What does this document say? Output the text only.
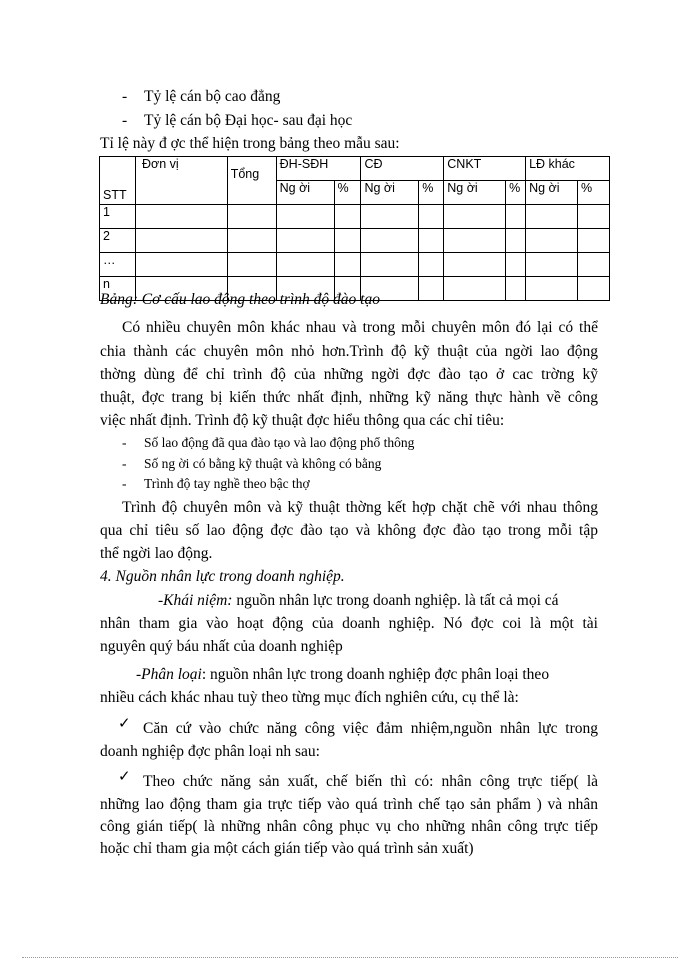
- Tỷ lệ cán bộ cao đẳng
- Tỷ lệ cán bộ Đại học- sau đại học
Tỉ lệ này đ ợc thể hiện trong bảng theo mẫu sau:
STT	Đơn vị	Tổng	ĐH-SĐH		CĐ		CNKT		LĐ khác	
			Ng ời	%	Ng ời	%	Ng ời	%	Ng ời	%
1										
2										
…										
n										
Bảng: Cơ cấu lao động theo trình độ đào tạo
Có nhiều chuyên môn khác nhau và trong mỗi chuyên môn đó lại có thể
chia thành các chuyên môn nhỏ hơn.Trình độ kỹ thuật của ngời lao động
thờng dùng để chỉ trình độ của những ngời đợc đào tạo ở cac trờng kỹ
thuật, đợc trang bị kiến thức nhất định, những kỹ năng thực hành về công
việc nhất định. Trình độ kỹ thuật đợc hiểu thông qua các chỉ tiêu:
- Số lao động đã qua đào tạo và lao động phổ thông
- Số ng ời có bằng kỹ thuật và không có bằng
- Trình độ tay nghề theo bậc thợ
Trình độ chuyên môn và kỹ thuật thờng kết hợp chặt chẽ với nhau thông
qua chỉ tiêu số lao động đợc đào tạo và không đợc đào tạo trong mỗi tập
thể ngời lao động.
4. Nguồn nhân lực trong doanh nghiệp.
-Khái niệm: nguồn nhân lực trong doanh nghiệp. là tất cả mọi cá
nhân tham gia vào hoạt động của doanh nghiệp. Nó đợc coi là một tài
nguyên quý báu nhất của doanh nghiệp
-Phân loại: nguồn nhân lực trong doanh nghiệp đợc phân loại theo
nhiều cách khác nhau tuỳ theo từng mục đích nghiên cứu, cụ thể là:
✓ Căn cứ vào chức năng công việc đảm nhiệm,nguồn nhân lực trong
doanh nghiệp đợc phân loại nh sau:
✓ Theo chức năng sản xuất, chế biến thì có: nhân công trực tiếp( là
những lao động tham gia trực tiếp vào quá trình chế tạo sản phẩm ) và nhân
công gián tiếp( là những nhân công phục vụ cho những nhân công trực tiếp
hoặc chỉ tham gia một cách gián tiếp vào quá trình sản xuất)
